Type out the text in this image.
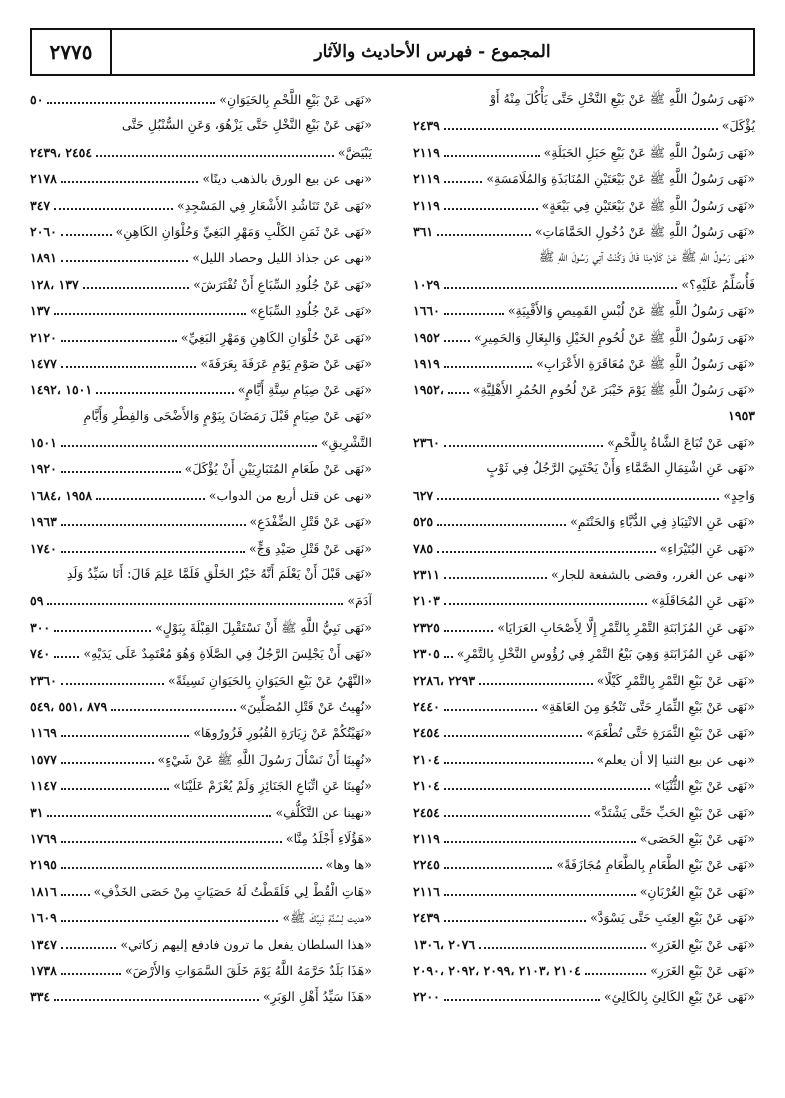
المجموع - فهرس الأحاديث والآثار
٢٧٧٥
«نَهَى رَسُولُ اللَّهِ ﷺ عَنْ بَيْعِ النَّخْلِ حَتَّى يَأْكُلَ مِنْهُ أَوْ
يُؤْكَلَ»
٢٤٣٩
«نَهَى رَسُولُ اللَّهِ ﷺ عَنْ بَيْعِ حَبَلِ الحَبَلَةِ»
٢١١٩
«نَهَى رَسُولُ اللَّهِ ﷺ عَنْ بَيْعَتَيْنِ المُنَابَذَةِ وَالمُلَامَسَةِ»
٢١١٩
«نَهَى رَسُولُ اللَّهِ ﷺ عَنْ بَيْعَتَيْنِ فِي بَيْعَةٍ»
٢١١٩
«نَهَى رَسُولُ اللَّهِ ﷺ عَنْ دُخُولِ الحَمَّامَاتِ»
٣٦١
«نَهَى رَسُولُ اللَّهِ ﷺ عَنْ كَلَامِنَا قَالَ وَكُنْتُ آتِي رَسُولَ اللَّهِ ﷺ
فَأُسَلِّمُ عَلَيْهِ؟»
١٠٢٩
«نَهَى رَسُولُ اللَّهِ ﷺ عَنْ لُبْسِ القَمِيصِ وَالأَقْبِيَةِ»
١٦٦٠
«نَهَى رَسُولُ اللَّهِ ﷺ عَنْ لُحُومِ الخَيْلِ وَالبِغَالِ وَالحَمِيرِ»
١٩٥٢
«نَهَى رَسُولُ اللَّهِ ﷺ عَنْ مُعَاقَرَةِ الأَعْرَابِ»
١٩١٩
«نَهَى رَسُولُ اللَّهِ ﷺ يَوْمَ خَيْبَرَ عَنْ لُحُومِ الحُمُرِ الأَهْلِيَّةِ»
١٩٥٢،
١٩٥٣
«نَهَى عَنْ تُبَاعَ الشَّاةُ بِاللَّحْمِ»
٢٣٦٠
«نَهَى عَنِ اشْتِمَالِ الصَّمَّاءِ وَأَنْ يَحْتَبِيَ الرَّجُلُ فِي ثَوْبٍ
وَاحِدٍ»
٦٢٧
«نَهَى عَنِ الانْتِبَاذِ فِي الدُّبَّاءِ وَالحَنْتَمِ»
٥٢٥
«نَهَى عَنِ البُتَيْرَاءِ»
٧٨٥
«نهى عن الغرر، وقضى بالشفعة للجار»
٢٣١١
«نَهَى عَنِ المُحَاقَلَةِ»
٢١٠٣
«نَهَى عَنِ المُزَابَنَةِ التَّمْرِ بِالتَّمْرِ إِلَّا لِأَصْحَابِ العَرَايَا»
٢٣٢٥
«نَهَى عَنِ المُزَابَنَةِ وَهِيَ بَيْعُ التَّمْرِ فِي رُؤُوسِ النَّخْلِ بِالتَّمْرِ»
٢٣٠٥
«نَهَى عَنْ بَيْعِ التَّمْرِ بِالتَّمْرِ كَيْلًا»
٢٢٩٣ ،٢٢٨٦
«نَهَى عَنْ بَيْعِ الثِّمَارِ حَتَّى تَنْجُوَ مِنَ العَاهَةِ»
٢٤٤٠
«نَهَى عَنْ بَيْعِ الثَّمَرَةِ حَتَّى تُطْعَمَ»
٢٤٥٤
«نهى عن بيع الثنيا إلا أن يعلم»
٢١٠٤
«نَهَى عَنْ بَيْعِ الثُّنْيَا»
٢١٠٤
«نَهَى عَنْ بَيْعِ الحَبِّ حَتَّى يَشْتَدَّ»
٢٤٥٤
«نَهَى عَنْ بَيْعِ الحَصَى»
٢١١٩
«نَهَى عَنْ بَيْعِ الطَّعَامِ بِالطَّعَامِ مُجَازَفَةً»
٢٢٤٥
«نَهَى عَنْ بَيْعِ العُرْبَانِ»
٢١١٦
«نَهَى عَنْ بَيْعِ العِنَبِ حَتَّى يَسْوَدَّ»
٢٤٣٩
«نَهَى عَنْ بَيْعِ الغَرَرِ»
٢٠٧٦ ،١٣٠٦
«نَهَى عَنْ بَيْعِ الغَرَرِ»
٢١٠٤ ،٢١٠٣ ،٢٠٩٩ ،٢٠٩٢ ،٢٠٩٠
«نَهَى عَنْ بَيْعِ الكَالِئِ بِالكَالِئِ»
٢٢٠٠
«نَهَى عَنْ بَيْعِ اللَّحْمِ بِالحَيَوَانِ»
٥٠
«نَهَى عَنْ بَيْعِ النَّخْلِ حَتَّى يَزْهُوَ، وَعَنِ السُّنْبُلِ حَتَّى
يَبْيَضَّ»
٢٤٥٤ ،٢٤٣٩
«نهى عن بيع الورق بالذهب دينًا»
٢١٧٨
«نَهَى عَنْ تَنَاشُدِ الأَشْعَارِ فِي المَسْجِدِ»
٣٤٧
«نَهَى عَنْ ثَمَنِ الكَلْبِ وَمَهْرِ البَغِيِّ وَحُلْوَانِ الكَاهِنِ»
٢٠٦٠
«نهى عن جذاذ الليل وحصاد الليل»
١٨٩١
«نَهَى عَنْ جُلُودِ السِّبَاعِ أَنْ تُفْتَرَشَ»
١٣٧ ،١٢٨
«نَهَى عَنْ جُلُودِ السِّبَاعِ»
١٣٧
«نَهَى عَنْ حُلْوَانِ الكَاهِنِ وَمَهْرِ البَغِيِّ»
٢١٢٠
«نَهَى عَنْ صَوْمِ يَوْمِ عَرَفَةَ بِعَرَفَةَ»
١٤٧٧
«نَهَى عَنْ صِيَامِ سِتَّةِ أَيَّامٍ»
١٥٠١ ،١٤٩٢
«نَهَى عَنْ صِيَامٍ قَبْلَ رَمَضَانَ بِيَوْمٍ وَالأَضْحَى وَالفِطْرِ وَأَيَّامِ
التَّشْرِيقِ»
١٥٠١
«نَهَى عَنْ طَعَامِ المُتَبَارِيَيْنِ أَنْ يُؤْكَلَ»
١٩٢٠
«نهى عن قتل أربع من الدواب»
١٩٥٨ ،١٦٨٤
«نَهَى عَنْ قَتْلِ الضِّفْدَعِ»
١٩٦٣
«نَهَى عَنْ قَتْلِ صَيْدِ وَجٍّ»
١٧٤٠
«نَهَى قَبْلَ أَنْ يَعْلَمَ أَنَّهُ خَيْرُ الخَلْقِ فَلَمَّا عَلِمَ قَالَ: أَنَا سَيِّدُ وَلَدِ
آدَمَ»
٥٩
«نَهَى نَبِيُّ اللَّهِ ﷺ أَنْ نَسْتَقْبِلَ القِبْلَةَ بِبَوْلٍ»
٣٠٠
«نَهَى أَنْ يَجْلِسَ الرَّجُلُ فِي الصَّلَاةِ وَهُوَ مُعْتَمِدٌ عَلَى يَدَيْهِ»
٧٤٠
«النَّهْيُ عَنْ بَيْعِ الحَيَوَانِ بِالحَيَوَانِ نَسِيئَةً»
٢٣٦٠
«نُهِيتُ عَنْ قَتْلِ المُصَلِّينَ»
٨٧٩ ،٥٥١ ،٥٤٩
«نَهَيْتُكُمْ عَنْ زِيَارَةِ القُبُورِ فَزُورُوهَا»
١١٦٩
«نُهِينَا أَنْ نَسْأَلَ رَسُولَ اللَّهِ ﷺ عَنْ شَيْءٍ»
١٥٧٧
«نُهِينَا عَنِ اتِّبَاعِ الجَنَائِزِ وَلَمْ يُعْزَمْ عَلَيْنَا»
١١٤٧
«نهينا عن التَّكَلُّفِ»
٣١
«هَؤُلَاءِ أَجْلَدُ مِنَّا»
١٧٦٩
«ها وها»
٢١٩٥
«هَاتِ الْقُطْ لِي فَلَقَطْتُ لَهُ حَصَيَاتٍ مِنْ حَصَى الخَذْفِ»
١٨١٦
«هديت لِسُنَّةِ نَبِيِّكَ ﷺ»
١٦٠٩
«هذا السلطان يفعل ما ترون فادفع إليهم زكاتي»
١٣٤٧
«هَذَا بَلَدٌ حَرَّمَهُ اللَّهُ يَوْمَ خَلَقَ السَّمَوَاتِ وَالأَرْضَ»
١٧٣٨
«هَذَا سَيِّدُ أَهْلِ الوَبَرِ»
٣٣٤
